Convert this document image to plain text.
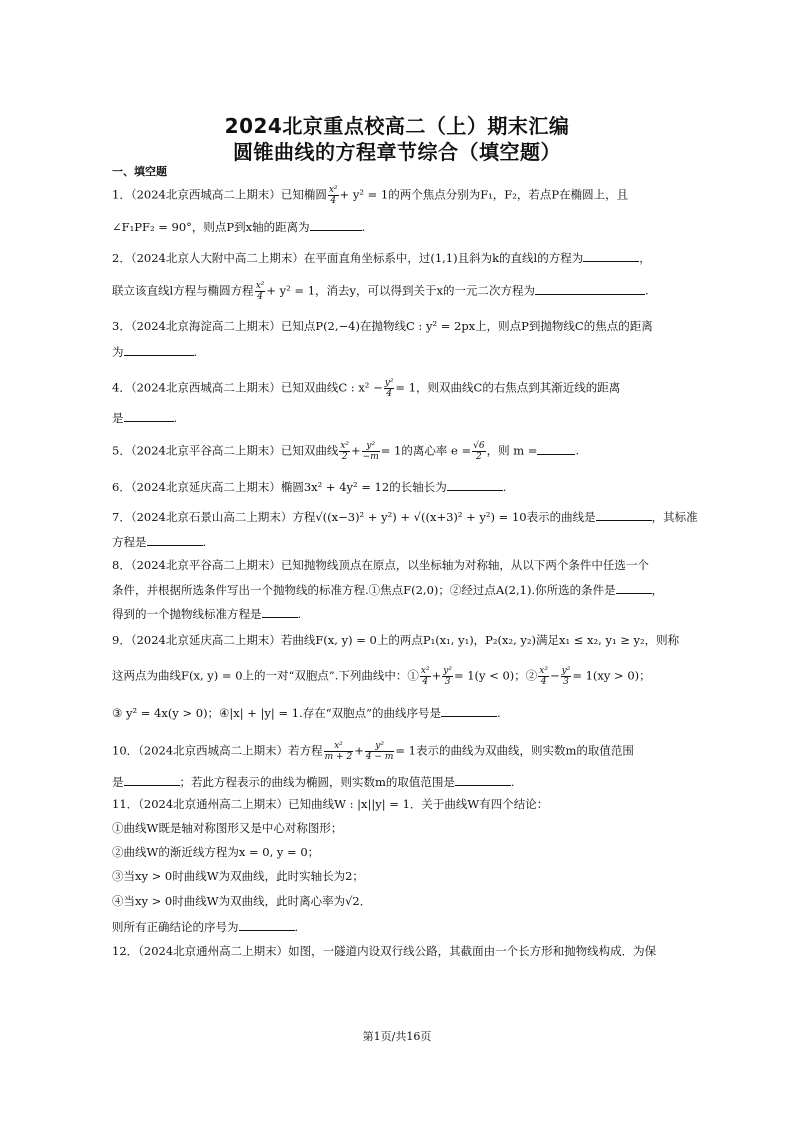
2024北京重点校高二（上）期末汇编
圆锥曲线的方程章节综合（填空题）
一、填空题
1．（2024北京西城高二上期末）已知椭圆 $\frac{\text{x²}}{4} + y^2 = 1$的两个焦点分别为F₁，F₂，若点P在椭圆上，且
∠F₁PF₂ = 90°，则点P到x轴的距离为	.
2．（2024北京人大附中高二上期末）在平面直角坐标系中，过(1,1)且斜为k的直线l的方程为	，
联立该直线l方程与椭圆方程 $\frac{\text{x²}}{4} + y^2 = 1$，消去y，可以得到关于x的一元二次方程为	.
3．（2024北京海淀高二上期末）已知点P(2,−4)在抛物线C : y² = 2px上，则点P到抛物线C的焦点的距离
为	.
4．（2024北京西城高二上期末）已知双曲线C : $x^2 - \frac{\text{y²}}{4} = 1$，则双曲线C的右焦点到其渐近线的距离
是	.
5．（2024北京平谷高二上期末）已知双曲线 $\frac{\text{x²}}{2} + \frac{\text{y²}}{-m} = 1$的离心率 $e = \frac{√6}{2}$ ，则 m =	.
6．（2024北京延庆高二上期末）椭圆3x² + 4y² = 12的长轴长为	.
7．（2024北京石景山高二上期末）方程√((x−3)² + y²) + √((x+3)² + y²) = 10表示的曲线是	，其标准
方程是	.
8．（2024北京平谷高二上期末）已知抛物线顶点在原点，以坐标轴为对称轴，从以下两个条件中任选一个
条件，并根据所选条件写出一个抛物线的标准方程.①焦点F(2,0)；②经过点A(2,1).你所选的条件是	，
得到的一个抛物线标准方程是	.
9．（2024北京延庆高二上期末）若曲线F(x, y) = 0上的两点P₁(x₁, y₁)，P₂(x₂, y₂)满足x₁ ≤ x₂, y₁ ≥ y₂，则称
这两点为曲线F(x, y) = 0上的一对“双胞点”.下列曲线中：① $\frac{\text{x²}}{4} + \frac{\text{y²}}{3} = 1(y < 0)$；② $\frac{\text{x²}}{4} - \frac{\text{y²}}{3} = 1(xy > 0)$；
③ y² = 4x(y > 0)；④|x| + |y| = 1.存在“双胞点”的曲线序号是	.
10．（2024北京西城高二上期末）若方程 $\frac{\text{x²}}{m + 2} + \frac{\text{y²}}{4 - m} = 1$表示的曲线为双曲线，则实数m的取值范围
是	；若此方程表示的曲线为椭圆，则实数m的取值范围是	.
11．（2024北京通州高二上期末）已知曲线W : |x||y| = 1．关于曲线W有四个结论：
①曲线W既是轴对称图形又是中心对称图形；
②曲线W的渐近线方程为x = 0, y = 0；
③当xy > 0时曲线W为双曲线，此时实轴长为2；
④当xy > 0时曲线W为双曲线，此时离心率为√2．
则所有正确结论的序号为	.
12．（2024北京通州高二上期末）如图，一隧道内设双行线公路，其截面由一个长方形和抛物线构成．为保
第1页/共16页
